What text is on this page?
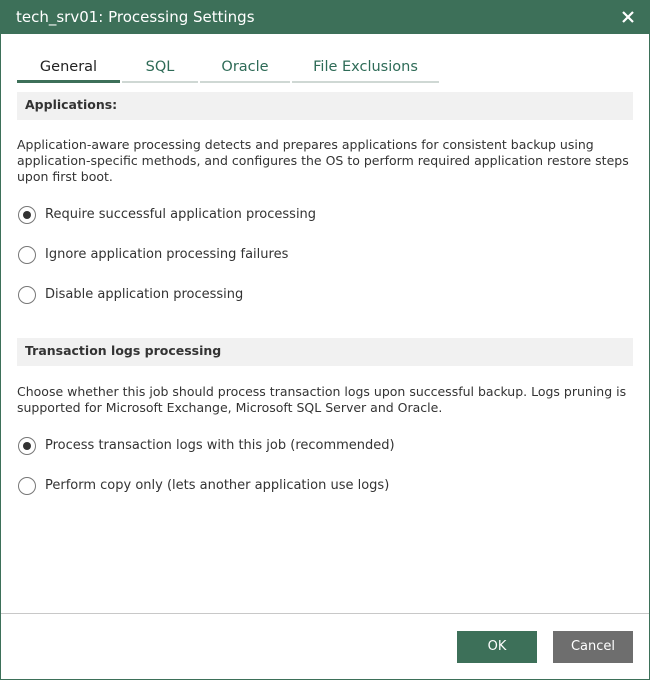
tech_srv01: Processing Settings
General	SQL	Oracle	File Exclusions
Applications:
Application-aware processing detects and prepares applications for consistent backup using application-specific methods, and configures the OS to perform required application restore steps upon first boot.
Require successful application processing
Ignore application processing failures
Disable application processing
Transaction logs processing
Choose whether this job should process transaction logs upon successful backup. Logs pruning is supported for Microsoft Exchange, Microsoft SQL Server and Oracle.
Process transaction logs with this job (recommended)
Perform copy only (lets another application use logs)
OK	Cancel
